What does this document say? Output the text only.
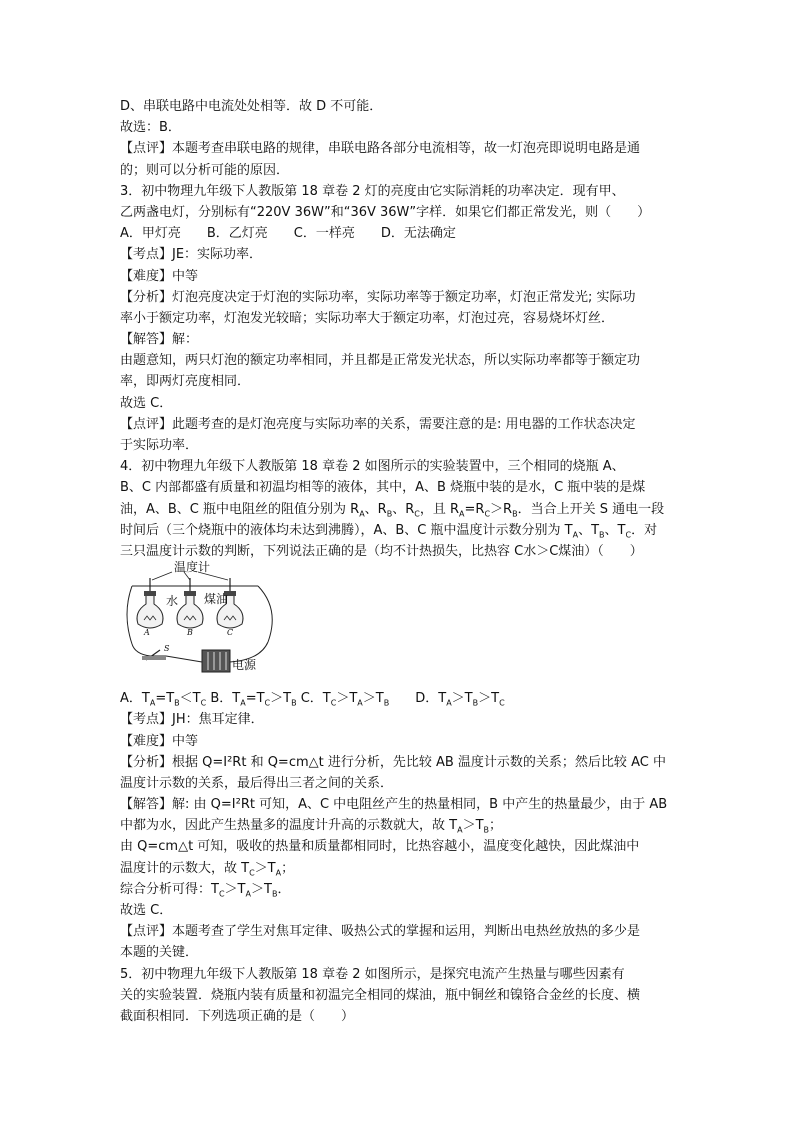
D、串联电路中电流处处相等．故 D 不可能．
故选：B．
【点评】本题考查串联电路的规律，串联电路各部分电流相等，故一灯泡亮即说明电路是通
的；则可以分析可能的原因．
3．初中物理九年级下人教版第 18 章卷 2 灯的亮度由它实际消耗的功率决定．现有甲、
乙两盏电灯，分别标有“220V 36W”和“36V 36W”字样．如果它们都正常发光，则（　　）
A．甲灯亮　　B．乙灯亮　　C．一样亮　　D．无法确定
【考点】JE：实际功率．
【难度】中等
【分析】灯泡亮度决定于灯泡的实际功率，实际功率等于额定功率，灯泡正常发光; 实际功
率小于额定功率，灯泡发光较暗；实际功率大于额定功率，灯泡过亮，容易烧坏灯丝．
【解答】解：
由题意知，两只灯泡的额定功率相同，并且都是正常发光状态，所以实际功率都等于额定功
率，即两灯亮度相同．
故选 C．
【点评】此题考查的是灯泡亮度与实际功率的关系，需要注意的是: 用电器的工作状态决定
于实际功率．
4．初中物理九年级下人教版第 18 章卷 2 如图所示的实验装置中，三个相同的烧瓶 A、
B、C 内部都盛有质量和初温均相等的液体，其中，A、B 烧瓶中装的是水，C 瓶中装的是煤
油，A、B、C 瓶中电阻丝的阻值分别为 $R_A$、$R_B$、$R_C$，且 $R_A=R_C>R_B$．当合上开关 S 通电一段
时间后（三个烧瓶中的液体均未达到沸腾），A、B、C 瓶中温度计示数分别为 $T_A$、$T_B$、$T_C$．对
三只温度计示数的判断，下列说法正确的是（均不计热损失，比热容 C水＞C煤油）（　　）
温度计
水 煤油
电源
A	B	C
S
A．$T_A=T_B<T_C$ B．$T_A=T_C>T_B$ C．$T_C>T_A>T_B$　　D．$T_A>T_B>T_C$
【考点】JH：焦耳定律．
【难度】中等
【分析】根据 Q=I²Rt 和 Q=cm△t 进行分析，先比较 AB 温度计示数的关系；然后比较 AC 中
温度计示数的关系，最后得出三者之间的关系．
【解答】解: 由 Q=I²Rt 可知，A、C 中电阻丝产生的热量相同，B 中产生的热量最少，由于 AB
中都为水，因此产生热量多的温度计升高的示数就大，故 $T_A>T_B$；
由 Q=cm△t 可知，吸收的热量和质量都相同时，比热容越小，温度变化越快，因此煤油中
温度计的示数大，故 $T_C>T_A$；
综合分析可得：$T_C>T_A>T_B$．
故选 C．
【点评】本题考查了学生对焦耳定律、吸热公式的掌握和运用，判断出电热丝放热的多少是
本题的关键．
5．初中物理九年级下人教版第 18 章卷 2 如图所示，是探究电流产生热量与哪些因素有
关的实验装置．烧瓶内装有质量和初温完全相同的煤油，瓶中铜丝和镍铬合金丝的长度、横
截面积相同．下列选项正确的是（　　）
